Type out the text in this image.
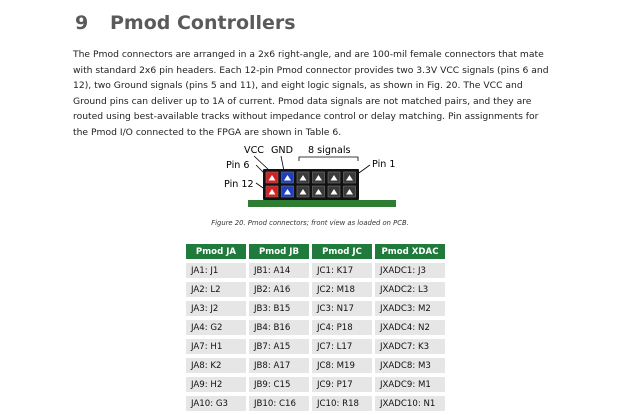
9 Pmod Controllers

The Pmod connectors are arranged in a 2x6 right-angle, and are 100-mil female connectors that mate with standard 2x6 pin headers. Each 12-pin Pmod connector provides two 3.3V VCC signals (pins 6 and 12), two Ground signals (pins 5 and 11), and eight logic signals, as shown in Fig. 20. The VCC and Ground pins can deliver up to 1A of current. Pmod data signals are not matched pairs, and they are routed using best-available tracks without impedance control or delay matching. Pin assignments for the Pmod I/O connected to the FPGA are shown in Table 6.

VCC GND 8 signals
Pin 6
Pin 12
Pin 1
Figure 20. Pmod connectors; front view as loaded on PCB.
Pmod JA	Pmod JB	Pmod JC	Pmod XDAC
JA1: J1	JB1: A14	JC1: K17	JXADC1: J3
JA2: L2	JB2: A16	JC2: M18	JXADC2: L3
JA3: J2	JB3: B15	JC3: N17	JXADC3: M2
JA4: G2	JB4: B16	JC4: P18	JXADC4: N2
JA7: H1	JB7: A15	JC7: L17	JXADC7: K3
JA8: K2	JB8: A17	JC8: M19	JXADC8: M3
JA9: H2	JB9: C15	JC9: P17	JXADC9: M1
JA10: G3	JB10: C16	JC10: R18	JXADC10: N1
